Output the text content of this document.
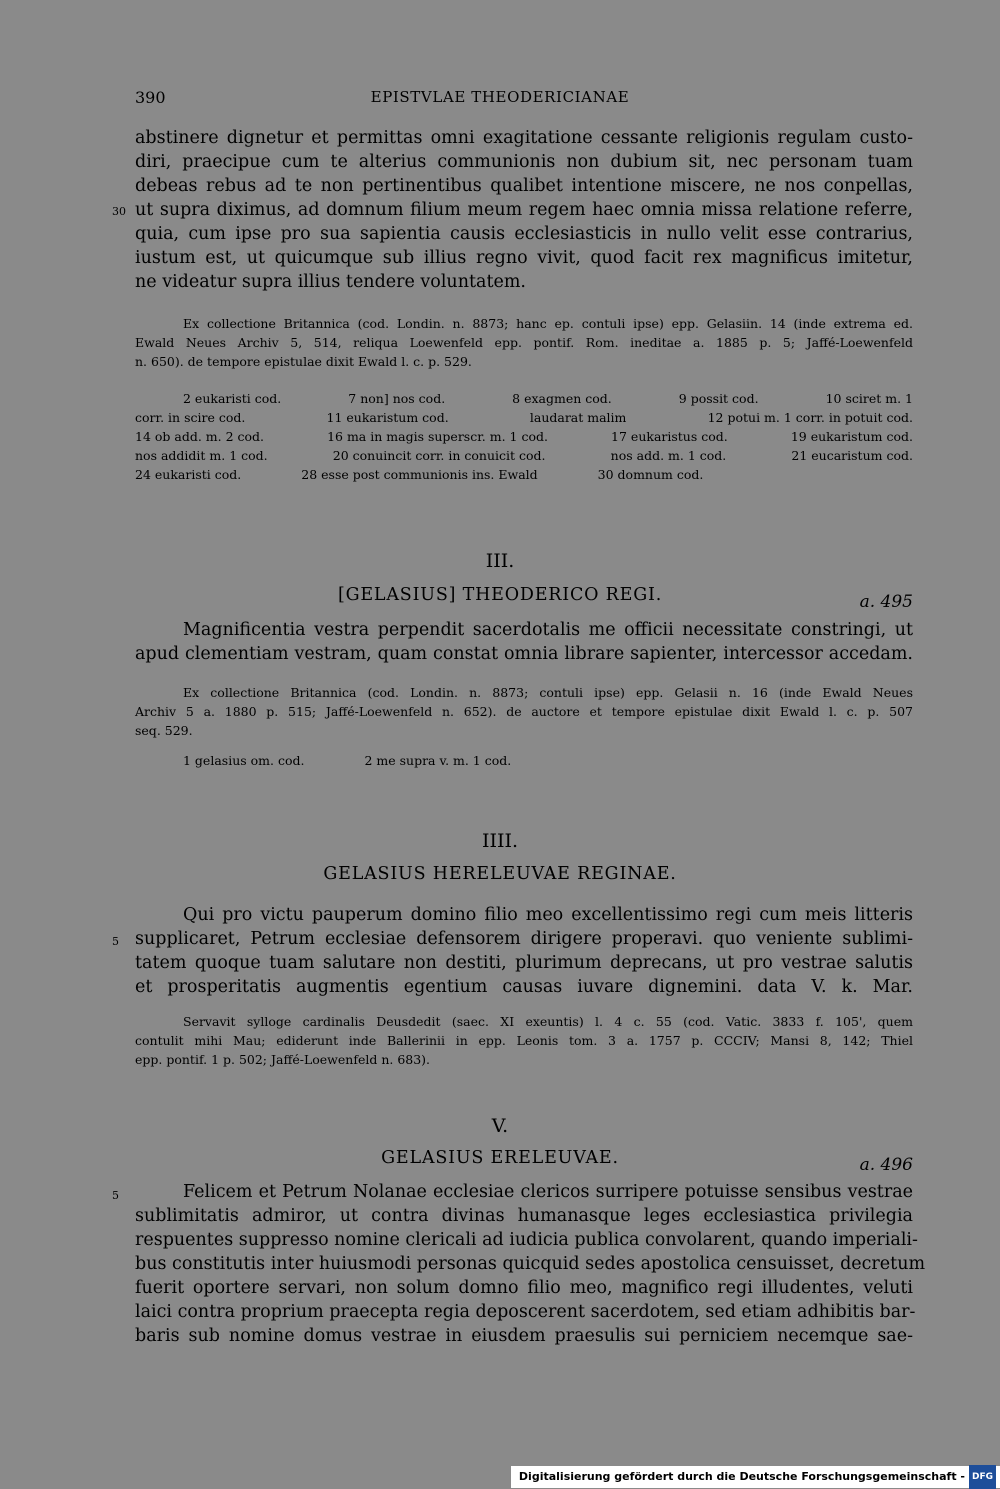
390	EPISTVLAE THEODERICIANAE
abstinere dignetur et permittas omni exagitatione cessante religionis regulam custo-
diri, praecipue cum te alterius communionis non dubium sit, nec personam tuam
debeas rebus ad te non pertinentibus qualibet intentione miscere, ne nos conpellas,
ut supra diximus, ad domnum filium meum regem haec omnia missa relatione referre,
quia, cum ipse pro sua sapientia causis ecclesiasticis in nullo velit esse contrarius,
iustum est, ut quicumque sub illius regno vivit, quod facit rex magnificus imitetur,
ne videatur supra illius tendere voluntatem.
30
Ex collectione Britannica (cod. Londin. n. 8873; hanc ep. contuli ipse) epp. Gelasiin. 14 (inde extrema ed.
Ewald Neues Archiv 5, 514, reliqua Loewenfeld epp. pontif. Rom. ineditae a. 1885 p. 5; Jaffé-Loewenfeld
n. 650). de tempore epistulae dixit Ewald l. c. p. 529.
2 eukaristi cod.	7 non] nos cod.	8 exagmen cod.	9 possit cod.	10 sciret m. 1
corr. in scire cod.	11 eukaristum cod.	laudarat malim	12 potui m. 1 corr. in potuit cod.
14 ob add. m. 2 cod.	16 ma in magis superscr. m. 1 cod.	17 eukaristus cod.	19 eukaristum cod.
nos addidit m. 1 cod.	20 conuincit corr. in conuicit cod.	nos add. m. 1 cod.	21 eucaristum cod.
24 eukaristi cod.	28 esse post communionis ins. Ewald	30 domnum cod.
III.
[GELASIUS] THEODERICO REGI.	a. 495
Magnificentia vestra perpendit sacerdotalis me officii necessitate constringi, ut
apud clementiam vestram, quam constat omnia librare sapienter, intercessor accedam.
Ex collectione Britannica (cod. Londin. n. 8873; contuli ipse) epp. Gelasii n. 16 (inde Ewald Neues
Archiv 5 a. 1880 p. 515; Jaffé-Loewenfeld n. 652). de auctore et tempore epistulae dixit Ewald l. c. p. 507
seq. 529.
1 gelasius om. cod.	2 me supra v. m. 1 cod.
IIII.
GELASIUS HERELEUVAE REGINAE.
Qui pro victu pauperum domino filio meo excellentissimo regi cum meis litteris
supplicaret, Petrum ecclesiae defensorem dirigere properavi. quo veniente sublimi-
tatem quoque tuam salutare non destiti, plurimum deprecans, ut pro vestrae salutis
et prosperitatis augmentis egentium causas iuvare dignemini. data V. k. Mar.
5
Servavit sylloge cardinalis Deusdedit (saec. XI exeuntis) l. 4 c. 55 (cod. Vatic. 3833 f. 105', quem
contulit mihi Mau; ediderunt inde Ballerinii in epp. Leonis tom. 3 a. 1757 p. CCCIV; Mansi 8, 142; Thiel
epp. pontif. 1 p. 502; Jaffé-Loewenfeld n. 683).
V.
GELASIUS ERELEUVAE.	a. 496
5	Felicem et Petrum Nolanae ecclesiae clericos surripere potuisse sensibus vestrae
sublimitatis admiror, ut contra divinas humanasque leges ecclesiastica privilegia
respuentes suppresso nomine clericali ad iudicia publica convolarent, quando imperiali-
bus constitutis inter huiusmodi personas quicquid sedes apostolica censuisset, decretum
fuerit oportere servari, non solum domno filio meo, magnifico regi illudentes, veluti
laici contra proprium praecepta regia deposcerent sacerdotem, sed etiam adhibitis bar-
baris sub nomine domus vestrae in eiusdem praesulis sui perniciem necemque sae-
Digitalisierung gefördert durch die Deutsche Forschungsgemeinschaft - DFG
